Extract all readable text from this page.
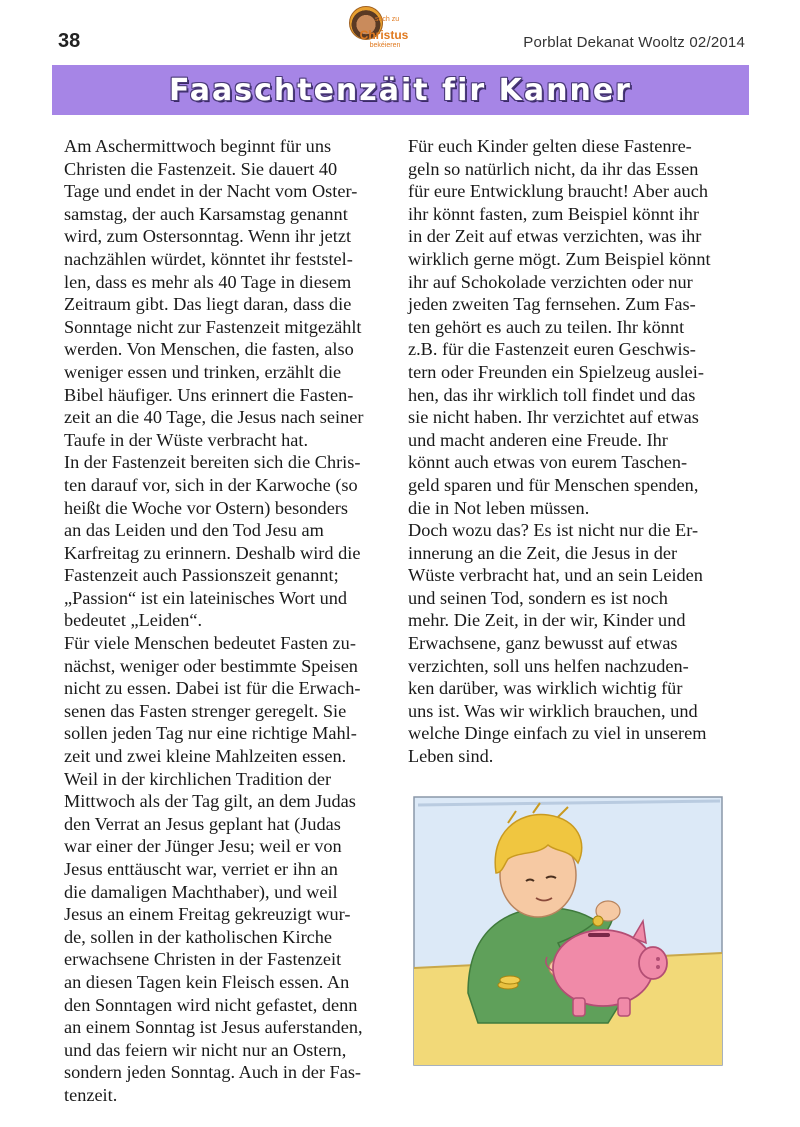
38
sech zu
Christus
bekéieren	Porblat Dekanat Wooltz 02/2014
Faaschtenzäit fir Kanner

Am Aschermittwoch beginnt für uns
Christen die Fastenzeit. Sie dauert 40
Tage und endet in der Nacht vom Oster-
samstag, der auch Karsamstag genannt
wird, zum Ostersonntag. Wenn ihr jetzt
nachzählen würdet, könntet ihr feststel-
len, dass es mehr als 40 Tage in diesem
Zeitraum gibt. Das liegt daran, dass die
Sonntage nicht zur Fastenzeit mitgezählt
werden. Von Menschen, die fasten, also
weniger essen und trinken, erzählt die
Bibel häufiger. Uns erinnert die Fasten-
zeit an die 40 Tage, die Jesus nach seiner
Taufe in der Wüste verbracht hat.

In der Fastenzeit bereiten sich die Chris-
ten darauf vor, sich in der Karwoche (so
heißt die Woche vor Ostern) besonders
an das Leiden und den Tod Jesu am
Karfreitag zu erinnern. Deshalb wird die
Fastenzeit auch Passionszeit genannt;
„Passion“ ist ein lateinisches Wort und
bedeutet „Leiden“.

Für viele Menschen bedeutet Fasten zu-
nächst, weniger oder bestimmte Speisen
nicht zu essen. Dabei ist für die Erwach-
senen das Fasten strenger geregelt. Sie
sollen jeden Tag nur eine richtige Mahl-
zeit und zwei kleine Mahlzeiten essen.
Weil in der kirchlichen Tradition der
Mittwoch als der Tag gilt, an dem Judas
den Verrat an Jesus geplant hat (Judas
war einer der Jünger Jesu; weil er von
Jesus enttäuscht war, verriet er ihn an
die damaligen Machthaber), und weil
Jesus an einem Freitag gekreuzigt wur-
de, sollen in der katholischen Kirche
erwachsene Christen in der Fastenzeit
an diesen Tagen kein Fleisch essen. An
den Sonntagen wird nicht gefastet, denn
an einem Sonntag ist Jesus auferstanden,
und das feiern wir nicht nur an Ostern,
sondern jeden Sonntag. Auch in der Fas-
tenzeit.

Für euch Kinder gelten diese Fastenre-
geln so natürlich nicht, da ihr das Essen
für eure Entwicklung braucht! Aber auch
ihr könnt fasten, zum Beispiel könnt ihr
in der Zeit auf etwas verzichten, was ihr
wirklich gerne mögt. Zum Beispiel könnt
ihr auf Schokolade verzichten oder nur
jeden zweiten Tag fernsehen. Zum Fas-
ten gehört es auch zu teilen. Ihr könnt
z.B. für die Fastenzeit euren Geschwis-
tern oder Freunden ein Spielzeug auslei-
hen, das ihr wirklich toll findet und das
sie nicht haben. Ihr verzichtet auf etwas
und macht anderen eine Freude. Ihr
könnt auch etwas von eurem Taschen-
geld sparen und für Menschen spenden,
die in Not leben müssen.

Doch wozu das? Es ist nicht nur die Er-
innerung an die Zeit, die Jesus in der
Wüste verbracht hat, und an sein Leiden
und seinen Tod, sondern es ist noch
mehr. Die Zeit, in der wir, Kinder und
Erwachsene, ganz bewusst auf etwas
verzichten, soll uns helfen nachzuden-
ken darüber, was wirklich wichtig für
uns ist. Was wir wirklich brauchen, und
welche Dinge einfach zu viel in unserem
Leben sind.
